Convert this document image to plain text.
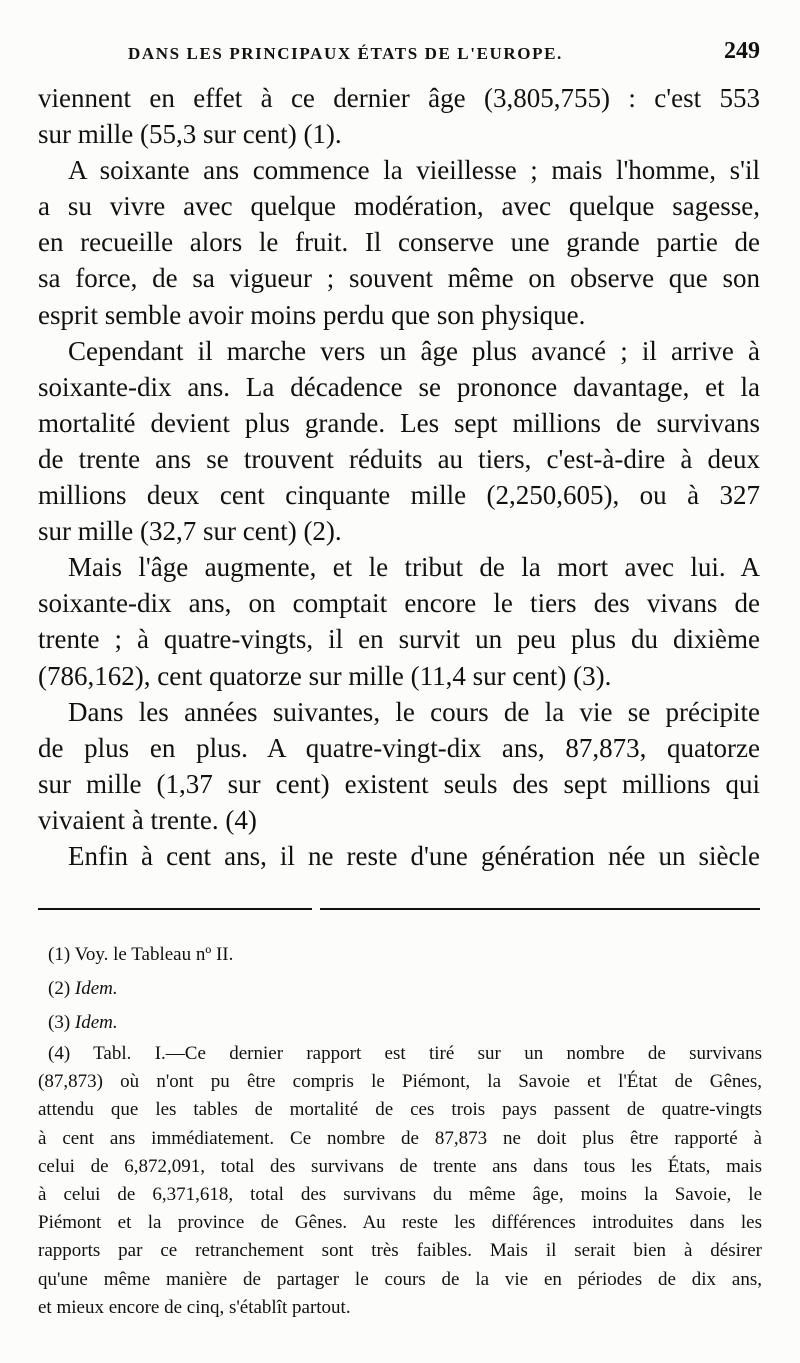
DANS LES PRINCIPAUX ÉTATS DE L'EUROPE.	249
viennent en effet à ce dernier âge (3,805,755) : c'est 553
sur mille (55,3 sur cent) (1).
A soixante ans commence la vieillesse ; mais l'homme, s'il
a su vivre avec quelque modération, avec quelque sagesse,
en recueille alors le fruit. Il conserve une grande partie de
sa force, de sa vigueur ; souvent même on observe que son
esprit semble avoir moins perdu que son physique.
Cependant il marche vers un âge plus avancé ; il arrive à
soixante-dix ans. La décadence se prononce davantage, et la
mortalité devient plus grande. Les sept millions de survivans
de trente ans se trouvent réduits au tiers, c'est-à-dire à deux
millions deux cent cinquante mille (2,250,605), ou à 327
sur mille (32,7 sur cent) (2).
Mais l'âge augmente, et le tribut de la mort avec lui. A
soixante-dix ans, on comptait encore le tiers des vivans de
trente ; à quatre-vingts, il en survit un peu plus du dixième
(786,162), cent quatorze sur mille (11,4 sur cent) (3).
Dans les années suivantes, le cours de la vie se précipite
de plus en plus. A quatre-vingt-dix ans, 87,873, quatorze
sur mille (1,37 sur cent) existent seuls des sept millions qui
vivaient à trente. (4)
Enfin à cent ans, il ne reste d'une génération née un siècle
(1) Voy. le Tableau nº II.
(2) Idem.
(3) Idem.
(4) Tabl. I.—Ce dernier rapport est tiré sur un nombre de survivans
(87,873) où n'ont pu être compris le Piémont, la Savoie et l'État de Gênes,
attendu que les tables de mortalité de ces trois pays passent de quatre-vingts
à cent ans immédiatement. Ce nombre de 87,873 ne doit plus être rapporté à
celui de 6,872,091, total des survivans de trente ans dans tous les États, mais
à celui de 6,371,618, total des survivans du même âge, moins la Savoie, le
Piémont et la province de Gênes. Au reste les différences introduites dans les
rapports par ce retranchement sont très faibles. Mais il serait bien à désirer
qu'une même manière de partager le cours de la vie en périodes de dix ans,
et mieux encore de cinq, s'établît partout.
